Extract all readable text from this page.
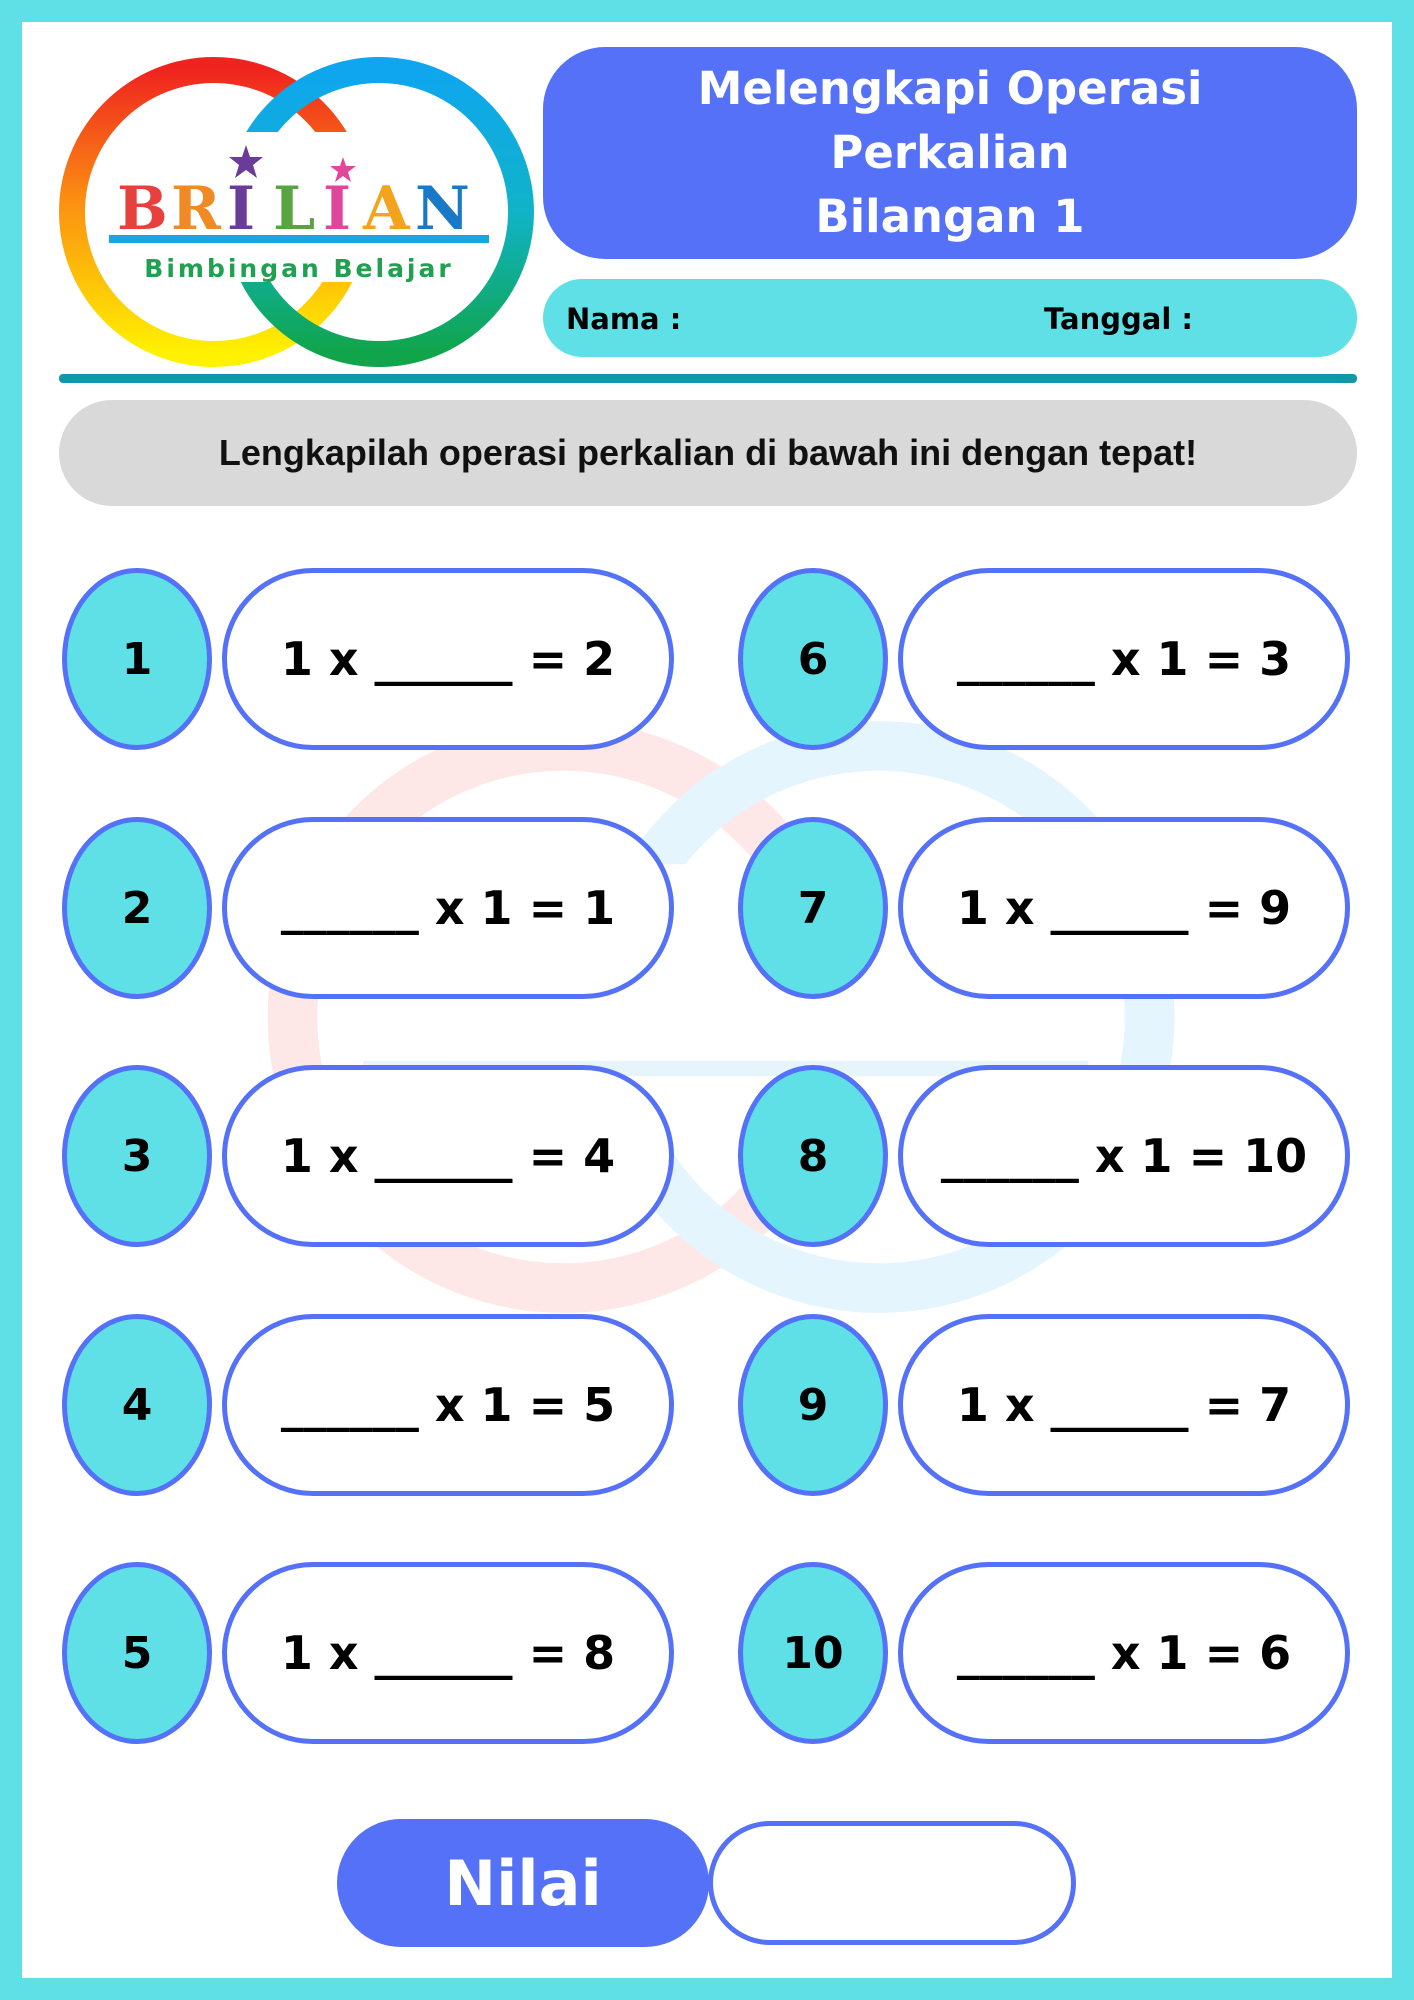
B R I L I A N
Bimbingan Belajar
Melengkapi Operasi Perkalian
Bilangan 1
Nama :	Tanggal :
Lengkapilah operasi perkalian di bawah ini dengan tepat!
1	1 x ______ = 2
2	______ x 1 = 1
3	1 x ______ = 4
4	______ x 1 = 5
5	1 x ______ = 8
6	______ x 1 = 3
7	1 x ______ = 9
8	______ x 1 = 10
9	1 x ______ = 7
10	______ x 1 = 6
Nilai
